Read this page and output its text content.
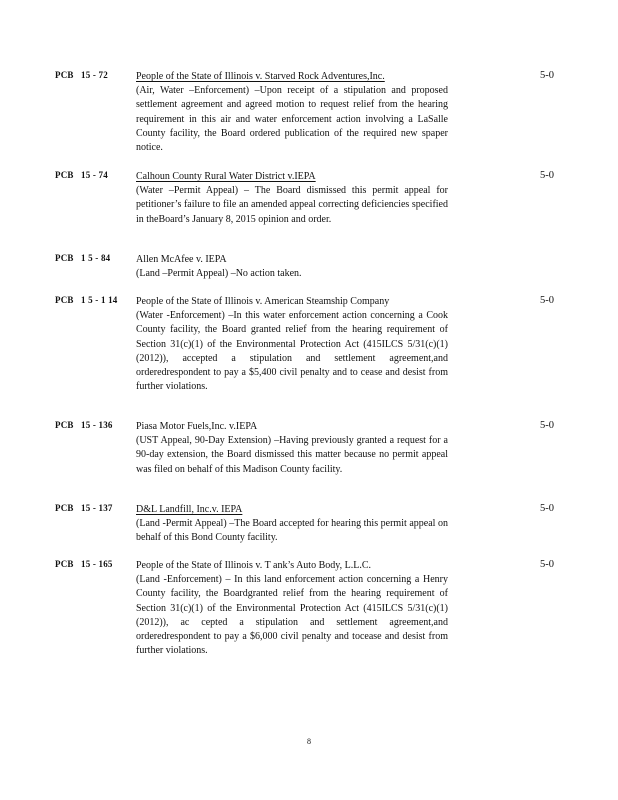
PCB 15 - 72	People of the State of Illinois v. Starved Rock Adventures,Inc.
(Air, Water –Enforcement) –Upon receipt of a stipulation and proposed settlement agreement and agreed motion to request relief from the hearing requirement in this air and water enforcement action involving a LaSalle County facility, the Board ordered publication of the required new spaper notice.
5-0
PCB 15 - 74	Calhoun County Rural Water District v.IEPA
(Water –Permit Appeal) – The Board dismissed this permit appeal for petitioner’s failure to file an amended appeal correcting deficiencies specified in theBoard’s January 8, 2015 opinion and order.
5-0
PCB 1 5 - 84	Allen McAfee v. IEPA
(Land –Permit Appeal) –No action taken.
PCB 1 5 - 1 14 People of the State of Illinois v. American Steamship Company
(Water -Enforcement) –In this water enforcement action concerning a Cook County facility, the Board granted relief from the hearing requirement of Section 31(c)(1) of the Environmental Protection Act (415ILCS 5/31(c)(1) (2012)), accepted a stipulation and settlement agreement,and orderedrespondent to pay a $5,400 civil penalty and to cease and desist from further violations.
5-0
PCB 15 - 136 Piasa Motor Fuels,Inc. v.IEPA
(UST Appeal, 90-Day Extension) –Having previously granted a request for a 90-day extension, the Board dismissed this matter because no permit appeal was filed on behalf of this Madison County facility.
5-0
PCB 15 - 137 D&L Landfill, Inc.v. IEPA
(Land -Permit Appeal) –The Board accepted for hearing this permit appeal on behalf of this Bond County facility.
5-0
PCB 15 - 165 People of the State of Illinois v. T ank’s Auto Body, L.L.C.
(Land -Enforcement) – In this land enforcement action concerning a Henry County facility, the Boardgranted relief from the hearing requirement of Section 31(c)(1) of the Environmental Protection Act (415ILCS 5/31(c)(1) (2012)), ac cepted a stipulation and settlement agreement,and orderedrespondent to pay a $6,000 civil penalty and tocease and desist from further violations.
5-0
8
